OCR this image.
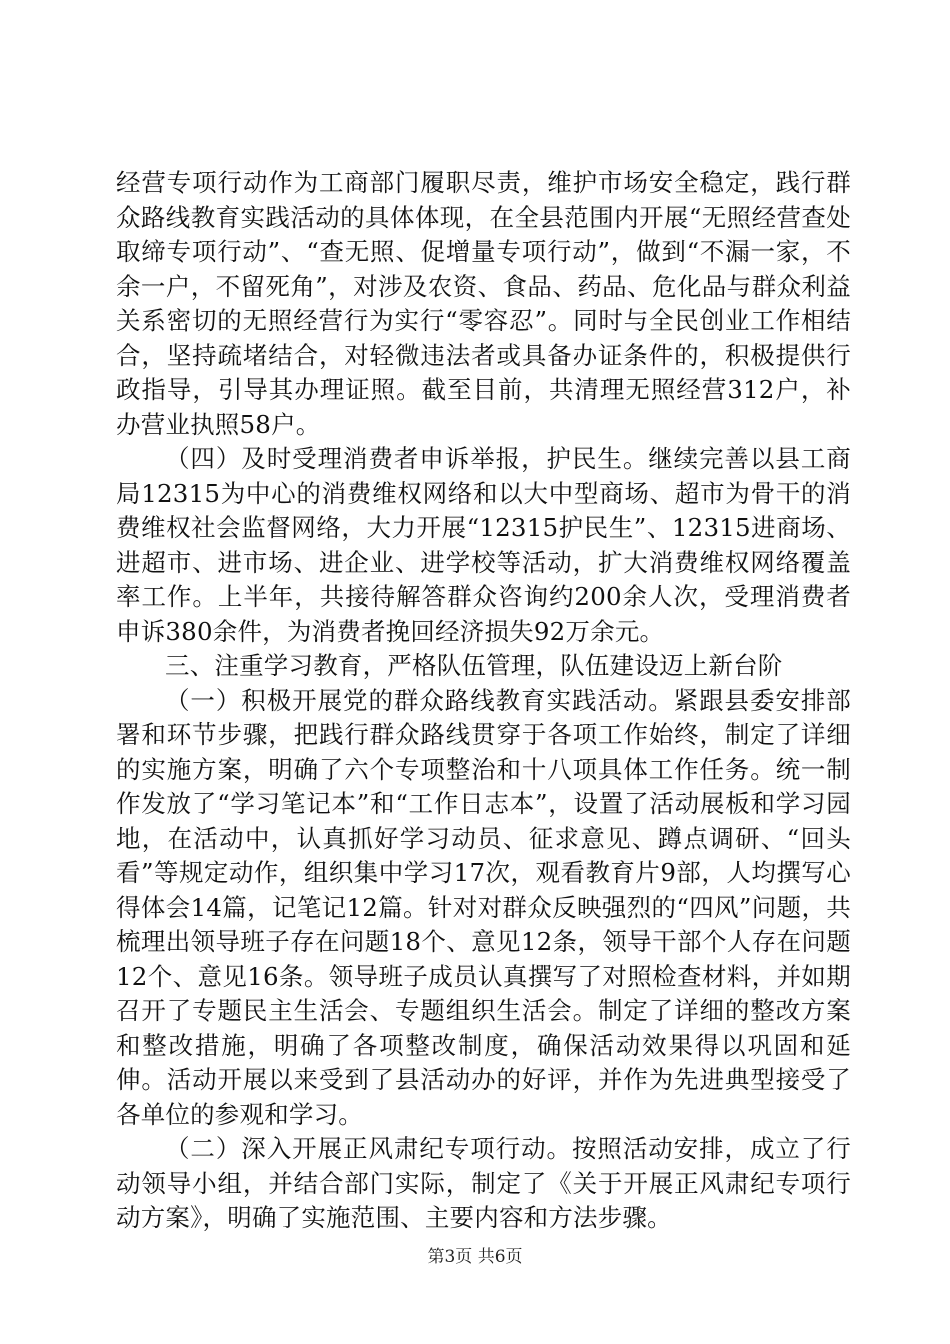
经营专项行动作为工商部门履职尽责，维护市场安全稳定，践行群众路线教育实践活动的具体体现，在全县范围内开展“无照经营查处取缔专项行动”、“查无照、促增量专项行动”，做到“不漏一家，不余一户，不留死角”，对涉及农资、食品、药品、危化品与群众利益关系密切的无照经营行为实行“零容忍”。同时与全民创业工作相结合，坚持疏堵结合，对轻微违法者或具备办证条件的，积极提供行政指导，引导其办理证照。截至目前，共清理无照经营312户，补办营业执照58户。

（四）及时受理消费者申诉举报，护民生。继续完善以县工商局12315为中心的消费维权网络和以大中型商场、超市为骨干的消费维权社会监督网络，大力开展“12315护民生”、12315进商场、进超市、进市场、进企业、进学校等活动，扩大消费维权网络覆盖率工作。上半年，共接待解答群众咨询约200余人次，受理消费者申诉380余件，为消费者挽回经济损失92万余元。

三、注重学习教育，严格队伍管理，队伍建设迈上新台阶

（一）积极开展党的群众路线教育实践活动。紧跟县委安排部署和环节步骤，把践行群众路线贯穿于各项工作始终，制定了详细的实施方案，明确了六个专项整治和十八项具体工作任务。统一制作发放了“学习笔记本”和“工作日志本”，设置了活动展板和学习园地，在活动中，认真抓好学习动员、征求意见、蹲点调研、“回头看”等规定动作，组织集中学习17次，观看教育片9部，人均撰写心得体会14篇，记笔记12篇。针对对群众反映强烈的“四风”问题，共梳理出领导班子存在问题18个、意见12条，领导干部个人存在问题12个、意见16条。领导班子成员认真撰写了对照检查材料，并如期召开了专题民主生活会、专题组织生活会。制定了详细的整改方案和整改措施，明确了各项整改制度，确保活动效果得以巩固和延伸。活动开展以来受到了县活动办的好评，并作为先进典型接受了各单位的参观和学习。

（二）深入开展正风肃纪专项行动。按照活动安排，成立了行动领导小组，并结合部门实际，制定了《关于开展正风肃纪专项行动方案》，明确了实施范围、主要内容和方法步骤。

第3页 共6页
